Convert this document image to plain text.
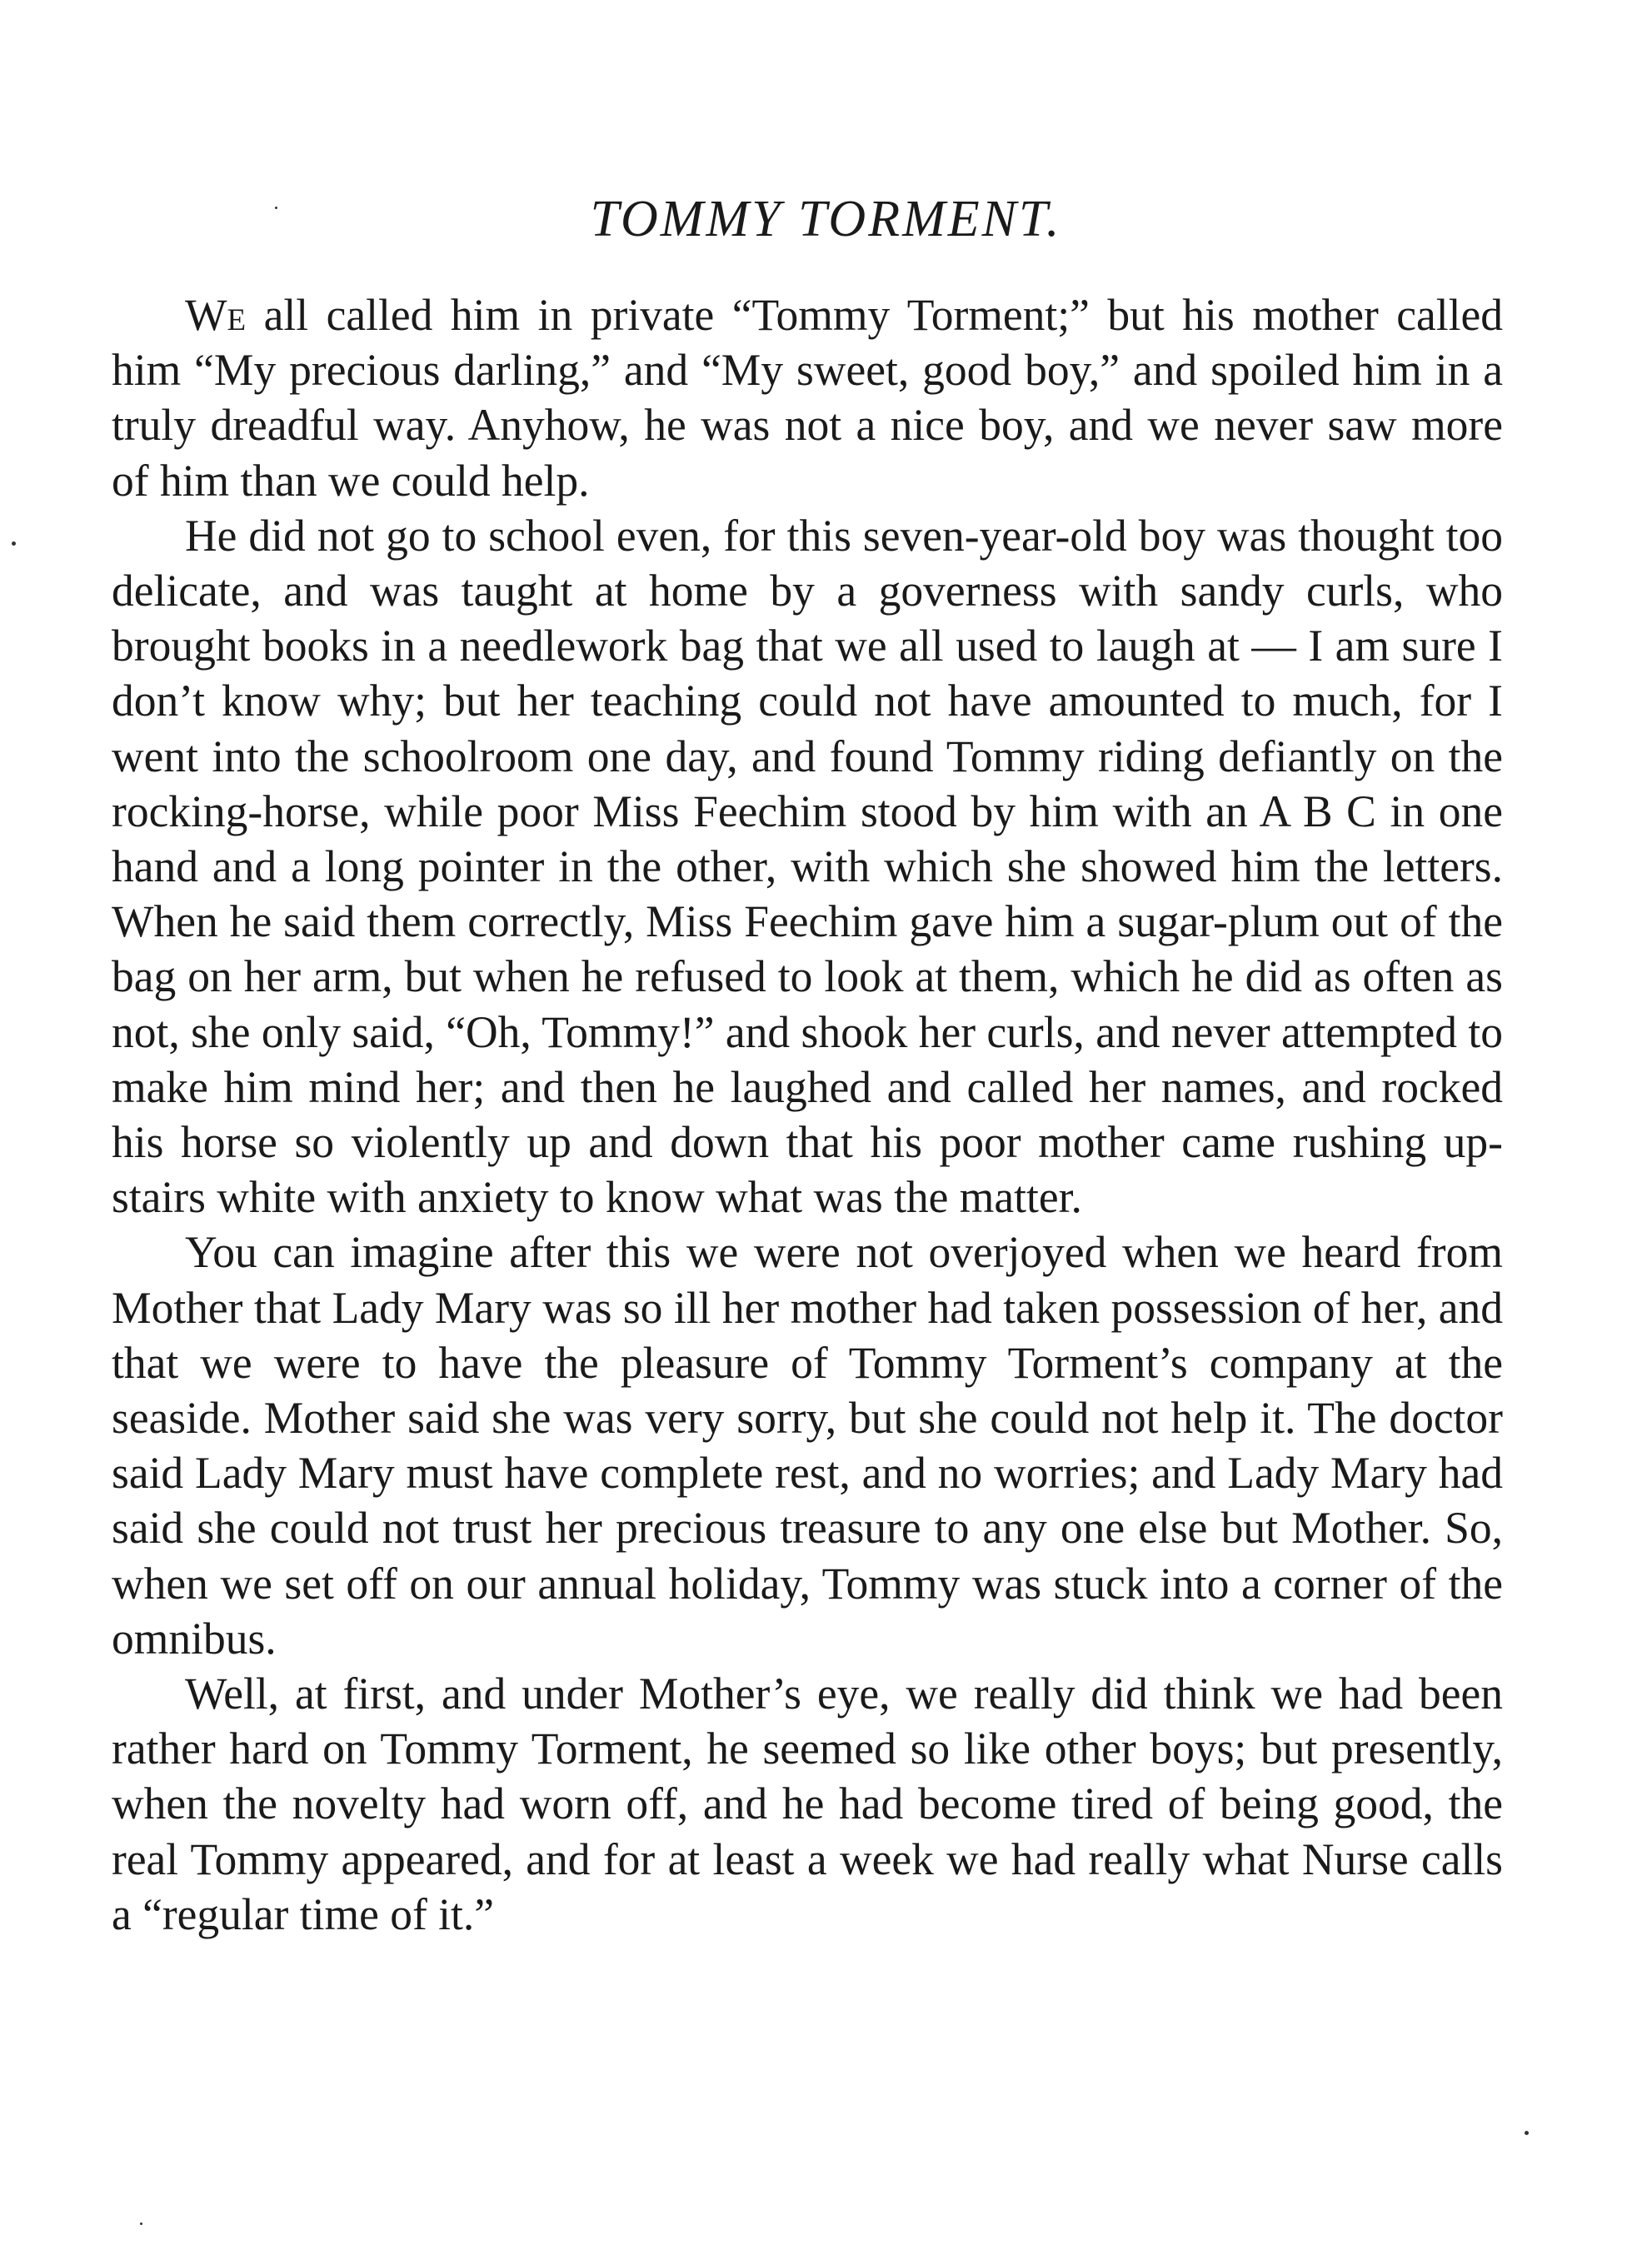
TOMMY TORMENT.

We all called him in private “Tommy Torment;” but his mother called him “My precious darling,” and “My sweet, good boy,” and spoiled him in a truly dreadful way. Anyhow, he was not a nice boy, and we never saw more of him than we could help.

He did not go to school even, for this seven-year-old boy was thought too delicate, and was taught at home by a governess with sandy curls, who brought books in a needlework bag that we all used to laugh at — I am sure I don’t know why; but her teaching could not have amounted to much, for I went into the schoolroom one day, and found Tommy riding defiantly on the rocking-horse, while poor Miss Feechim stood by him with an A B C in one hand and a long pointer in the other, with which she showed him the letters. When he said them correctly, Miss Feechim gave him a sugar-plum out of the bag on her arm, but when he refused to look at them, which he did as often as not, she only said, “Oh, Tommy!” and shook her curls, and never attempted to make him mind her; and then he laughed and called her names, and rocked his horse so violently up and down that his poor mother came rushing up-stairs white with anxiety to know what was the matter.

You can imagine after this we were not overjoyed when we heard from Mother that Lady Mary was so ill her mother had taken possession of her, and that we were to have the pleasure of Tommy Torment’s company at the seaside. Mother said she was very sorry, but she could not help it. The doctor said Lady Mary must have complete rest, and no worries; and Lady Mary had said she could not trust her precious treasure to any one else but Mother. So, when we set off on our annual holiday, Tommy was stuck into a corner of the omnibus.

Well, at first, and under Mother’s eye, we really did think we had been rather hard on Tommy Torment, he seemed so like other boys; but presently, when the novelty had worn off, and he had become tired of being good, the real Tommy appeared, and for at least a week we had really what Nurse calls a “regular time of it.”
